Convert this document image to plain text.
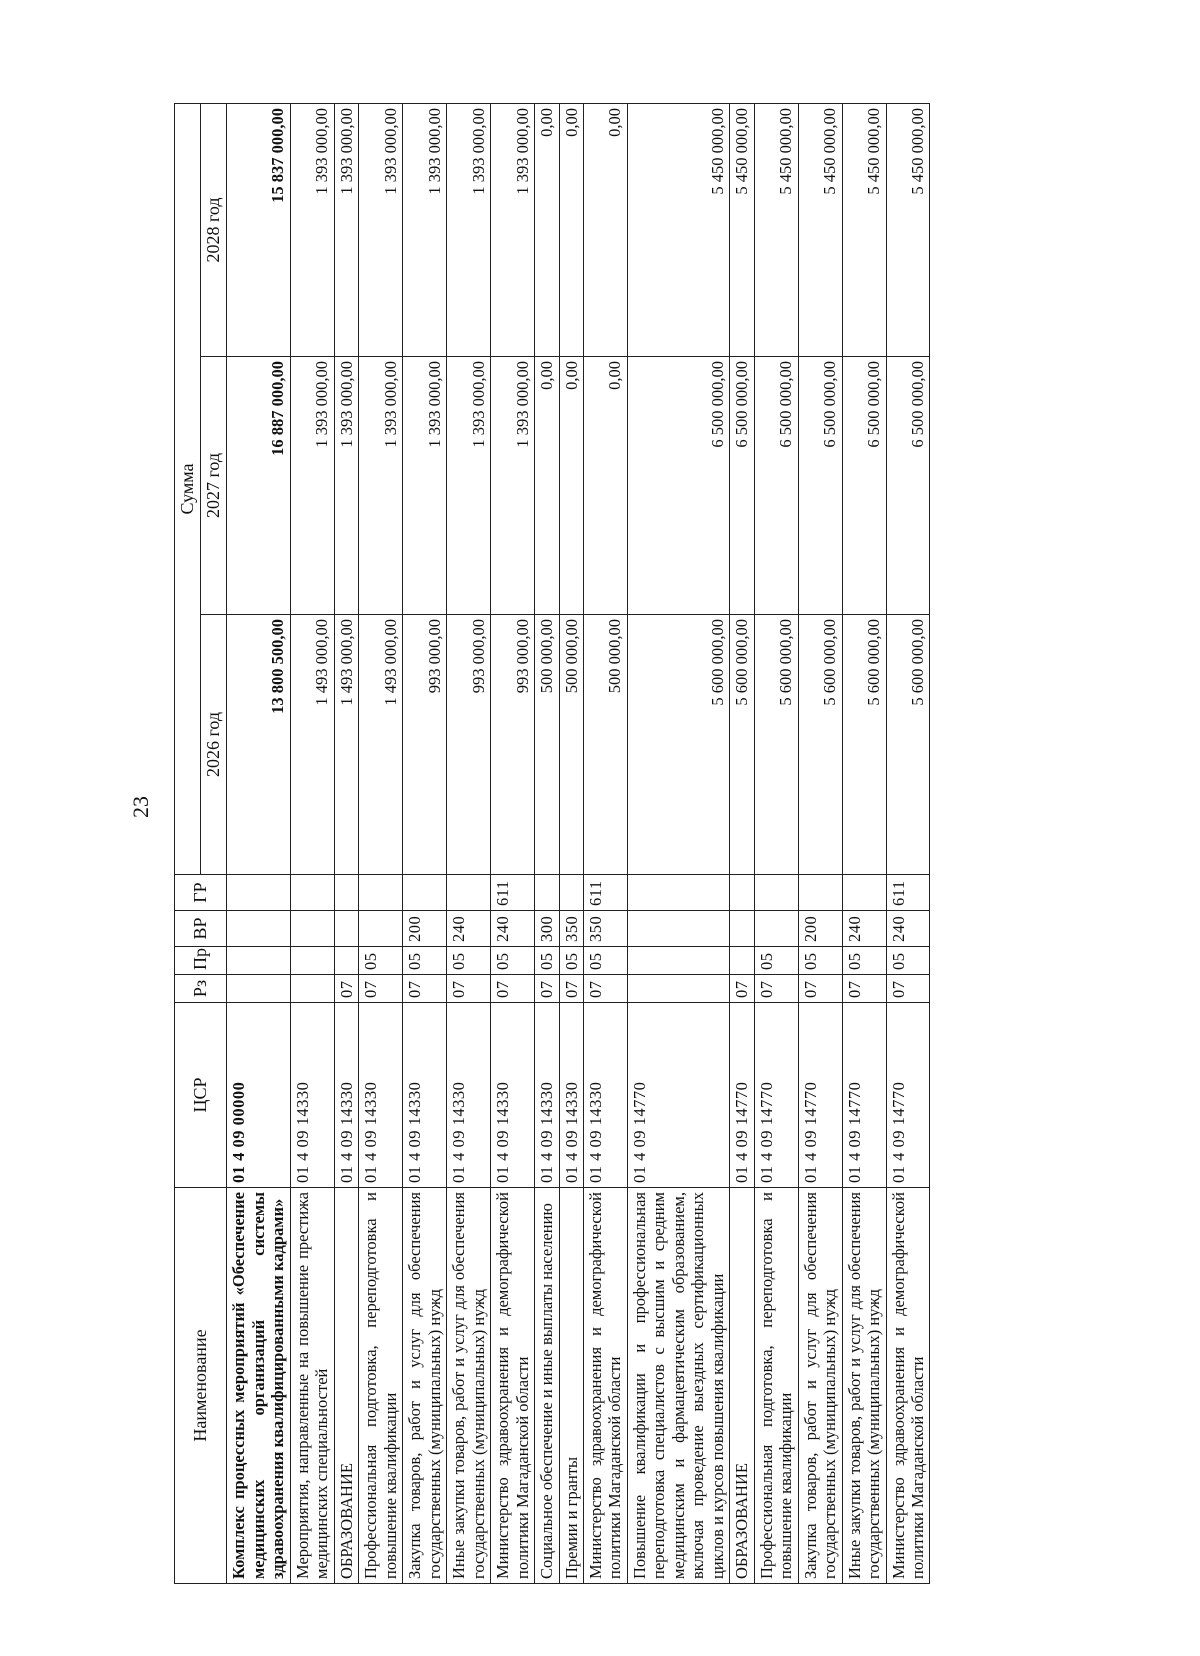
23
Наименование	ЦСР	Рз	Пр	ВР	ГР	Сумма		
						2026 год	2027 год	2028 год
Комплекс процессных мероприятий «Обеспечение медицинских организаций системы здравоохранения квалифицированными кадрами»	01 4 09 00000					13 800 500,00	16 887 000,00	15 837 000,00
Мероприятия, направленные на повышение престижа медицинских специальностей	01 4 09 14330					1 493 000,00	1 393 000,00	1 393 000,00
ОБРАЗОВАНИЕ	01 4 09 14330	07				1 493 000,00	1 393 000,00	1 393 000,00
Профессиональная подготовка, переподготовка и повышение квалификации	01 4 09 14330	07	05			1 493 000,00	1 393 000,00	1 393 000,00
Закупка товаров, работ и услуг для обеспечения государственных (муниципальных) нужд	01 4 09 14330	07	05	200		993 000,00	1 393 000,00	1 393 000,00
Иные закупки товаров, работ и услуг для обеспечения государственных (муниципальных) нужд	01 4 09 14330	07	05	240		993 000,00	1 393 000,00	1 393 000,00
Министерство здравоохранения и демографической политики Магаданской области	01 4 09 14330	07	05	240	611	993 000,00	1 393 000,00	1 393 000,00
Социальное обеспечение и иные выплаты населению	01 4 09 14330	07	05	300		500 000,00	0,00	0,00
Премии и гранты	01 4 09 14330	07	05	350		500 000,00	0,00	0,00
Министерство здравоохранения и демографической политики Магаданской области	01 4 09 14330	07	05	350	611	500 000,00	0,00	0,00
Повышение квалификации и профессиональная переподготовка специалистов с высшим и средним медицинским и фармацевтическим образованием, включая проведение выездных сертификационных циклов и курсов повышения квалификации	01 4 09 14770					5 600 000,00	6 500 000,00	5 450 000,00
ОБРАЗОВАНИЕ	01 4 09 14770	07				5 600 000,00	6 500 000,00	5 450 000,00
Профессиональная подготовка, переподготовка и повышение квалификации	01 4 09 14770	07	05			5 600 000,00	6 500 000,00	5 450 000,00
Закупка товаров, работ и услуг для обеспечения государственных (муниципальных) нужд	01 4 09 14770	07	05	200		5 600 000,00	6 500 000,00	5 450 000,00
Иные закупки товаров, работ и услуг для обеспечения государственных (муниципальных) нужд	01 4 09 14770	07	05	240		5 600 000,00	6 500 000,00	5 450 000,00
Министерство здравоохранения и демографической политики Магаданской области	01 4 09 14770	07	05	240	611	5 600 000,00	6 500 000,00	5 450 000,00
